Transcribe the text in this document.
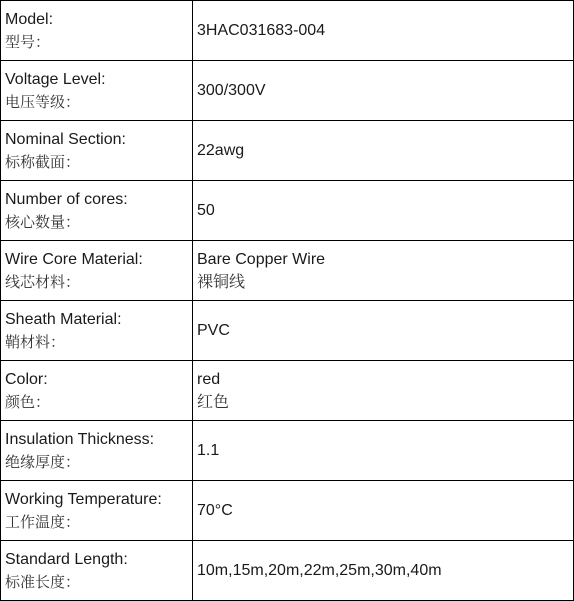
Model:
型号：	3HAC031683-004

Voltage Level:
电压等级：	300/300V

Nominal Section:
标称截面：	22awg

Number of cores:
核心数量：	50

Wire Core Material:
线芯材料：	Bare Copper Wire
裸铜线

Sheath Material:
鞘材料：	PVC

Color:
颜色：	red
红色

Insulation Thickness:
绝缘厚度：	1.1

Working Temperature:
工作温度：	70°C

Standard Length:
标准长度：	10m,15m,20m,22m,25m,30m,40m
